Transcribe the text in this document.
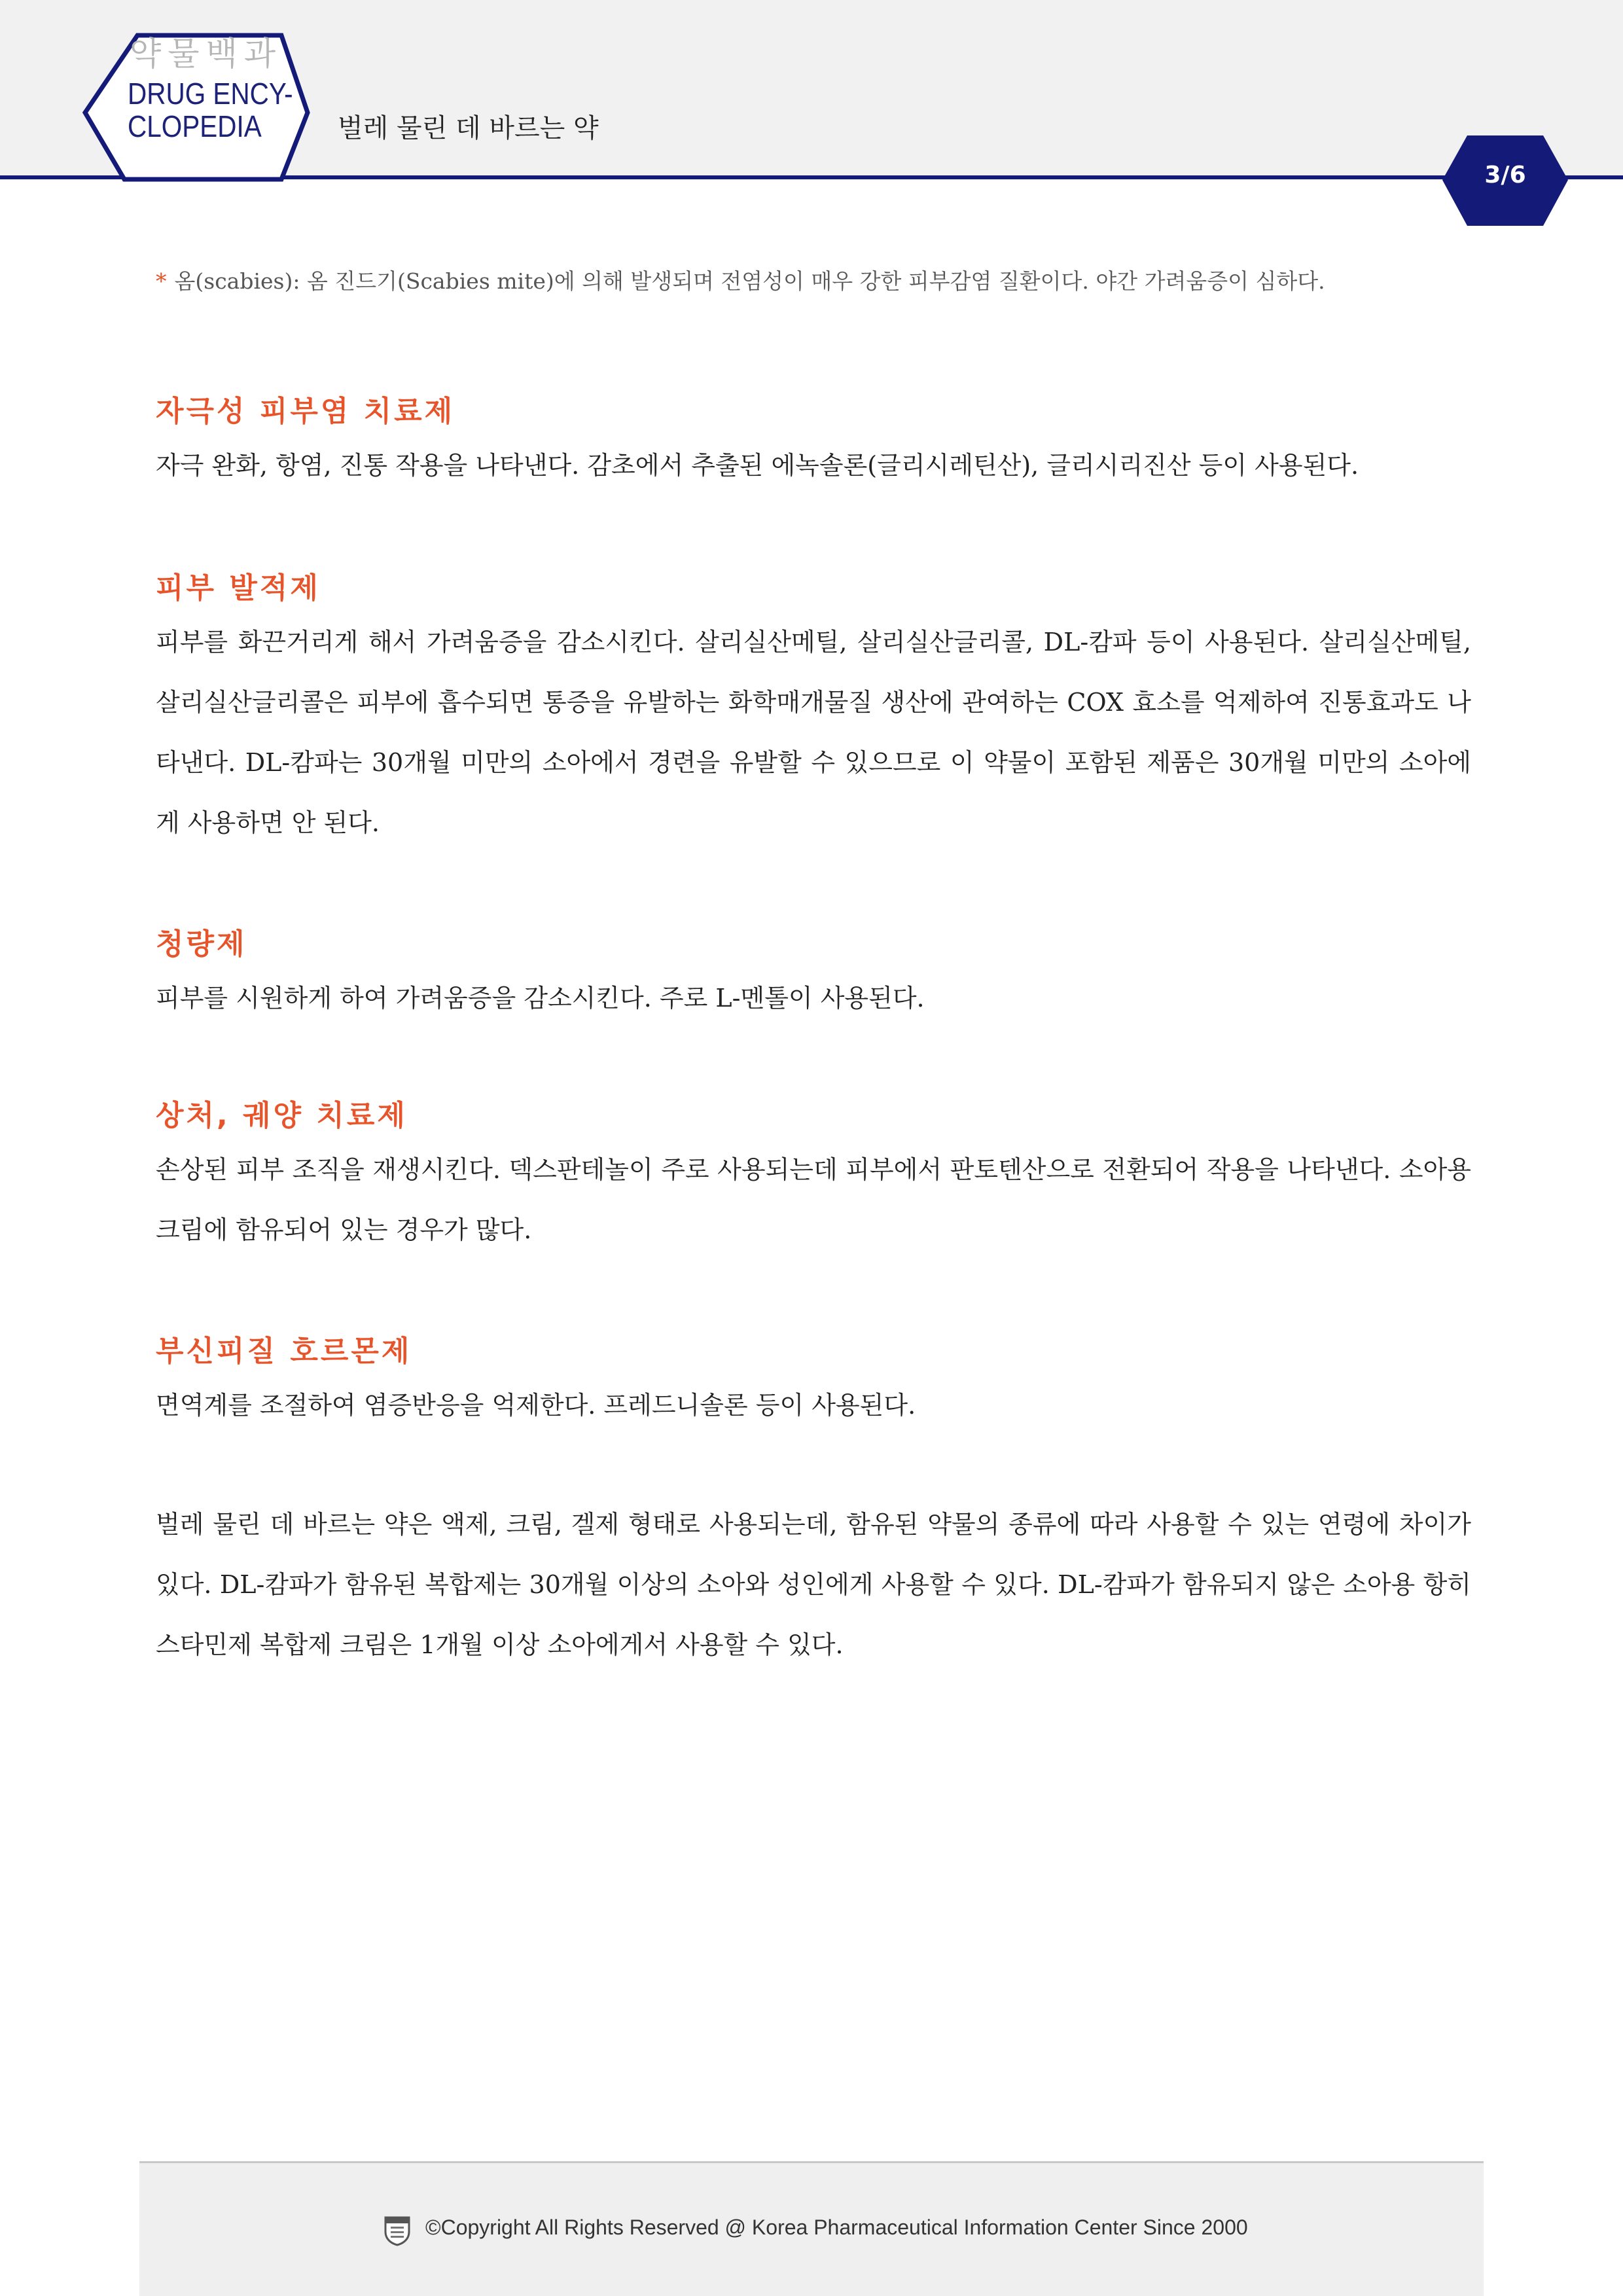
약물백과
DRUG ENCY-
CLOPEDIA	벌레 물린 데 바르는 약
3/6

* 옴(scabies): 옴 진드기(Scabies mite)에 의해 발생되며 전염성이 매우 강한 피부감염 질환이다. 야간 가려움증이 심하다.

자극성 피부염 치료제

자극 완화, 항염, 진통 작용을 나타낸다. 감초에서 추출된 에녹솔론(글리시레틴산), 글리시리진산 등이 사용된다.

피부 발적제

피부를 화끈거리게 해서 가려움증을 감소시킨다. 살리실산메틸, 살리실산글리콜, DL-캄파 등이 사용된다. 살리실산메틸, 살리실산글리콜은 피부에 흡수되면 통증을 유발하는 화학매개물질 생산에 관여하는 COX 효소를 억제하여 진통효과도 나타낸다. DL-캄파는 30개월 미만의 소아에서 경련을 유발할 수 있으므로 이 약물이 포함된 제품은 30개월 미만의 소아에게 사용하면 안 된다.

청량제

피부를 시원하게 하여 가려움증을 감소시킨다. 주로 L-멘톨이 사용된다.

상처, 궤양 치료제

손상된 피부 조직을 재생시킨다. 덱스판테놀이 주로 사용되는데 피부에서 판토텐산으로 전환되어 작용을 나타낸다. 소아용 크림에 함유되어 있는 경우가 많다.

부신피질 호르몬제

면역계를 조절하여 염증반응을 억제한다. 프레드니솔론 등이 사용된다.

벌레 물린 데 바르는 약은 액제, 크림, 겔제 형태로 사용되는데, 함유된 약물의 종류에 따라 사용할 수 있는 연령에 차이가 있다. DL-캄파가 함유된 복합제는 30개월 이상의 소아와 성인에게 사용할 수 있다. DL-캄파가 함유되지 않은 소아용 항히스타민제 복합제 크림은 1개월 이상 소아에게서 사용할 수 있다.

©Copyright All Rights Reserved @ Korea Pharmaceutical Information Center Since 2000
